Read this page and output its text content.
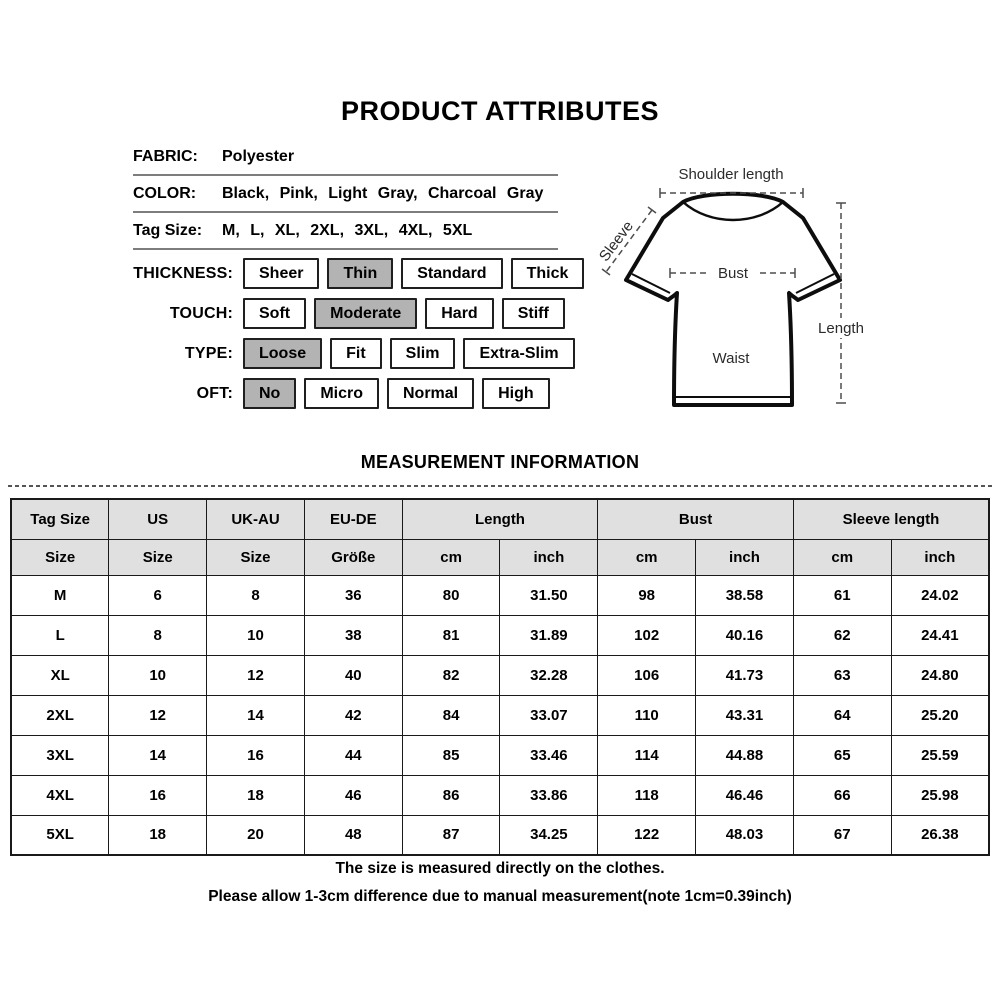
PRODUCT ATTRIBUTES
FABRIC:	Polyester
COLOR:	Black, Pink, Light Gray, Charcoal Gray
Tag Size:	M, L, XL, 2XL, 3XL, 4XL, 5XL
THICKNESS:	Sheer	Thin	Standard	Thick
TOUCH:	Soft	Moderate	Hard	Stiff
TYPE:	Loose	Fit	Slim	Extra-Slim
OFT:	No	Micro	Normal	High
Shoulder length
Sleeve
Bust
Length
Waist
MEASUREMENT INFORMATION
Tag Size	US	UK-AU	EU-DE	Length		Bust		Sleeve length	
Size	Size	Size	Größe	cm	inch	cm	inch	cm	inch
M	6	8	36	80	31.50	98	38.58	61	24.02
L	8	10	38	81	31.89	102	40.16	62	24.41
XL	10	12	40	82	32.28	106	41.73	63	24.80
2XL	12	14	42	84	33.07	110	43.31	64	25.20
3XL	14	16	44	85	33.46	114	44.88	65	25.59
4XL	16	18	46	86	33.86	118	46.46	66	25.98
5XL	18	20	48	87	34.25	122	48.03	67	26.38
The size is measured directly on the clothes.
Please allow 1-3cm difference due to manual measurement(note 1cm=0.39inch)
